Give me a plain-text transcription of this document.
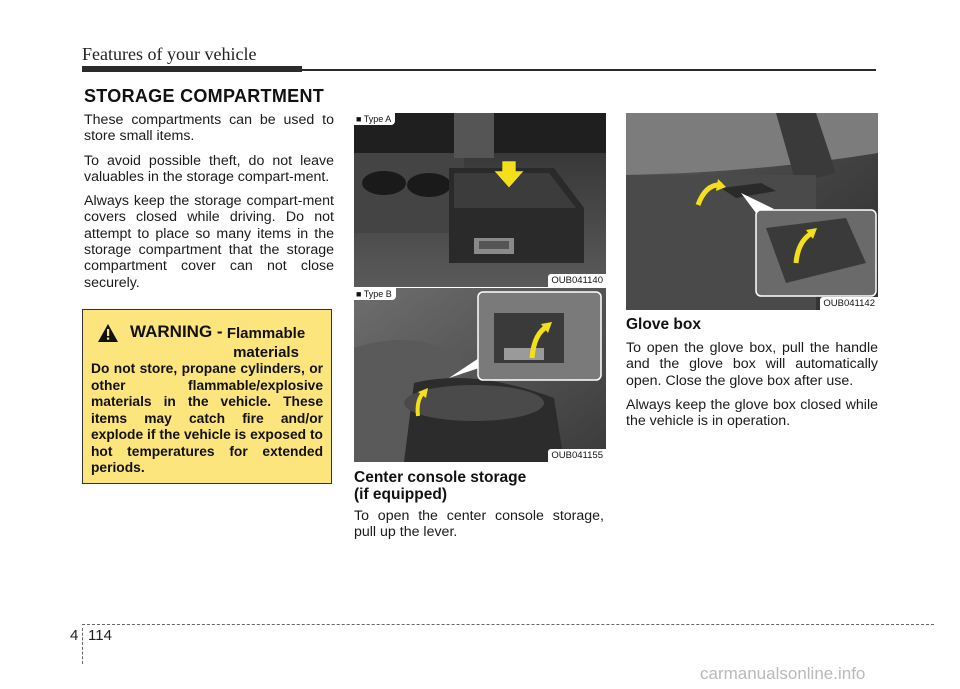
Features of your vehicle
STORAGE COMPARTMENT

These compartments can be used to store small items.

To avoid possible theft, do not leave valuables in the storage compart-ment.

Always keep the storage compart-ment covers closed while driving. Do not attempt to place so many items in the storage compartment that the storage compartment cover can not close securely.

WARNING - Flammable
materials
Do not store, propane cylinders, or other flammable/explosive materials in the vehicle. These items may catch fire and/or explode if the vehicle is exposed to hot temperatures for extended periods.
■ Type A
OUB041140
■ Type B
OUB041155
OUB041142
Center console storage
(if equipped)
To open the center console storage, pull up the lever.
Glove box

To open the glove box, pull the handle and the glove box will automatically open. Close the glove box after use.

Always keep the glove box closed while the vehicle is in operation.

4 114
carmanualsonline.info
